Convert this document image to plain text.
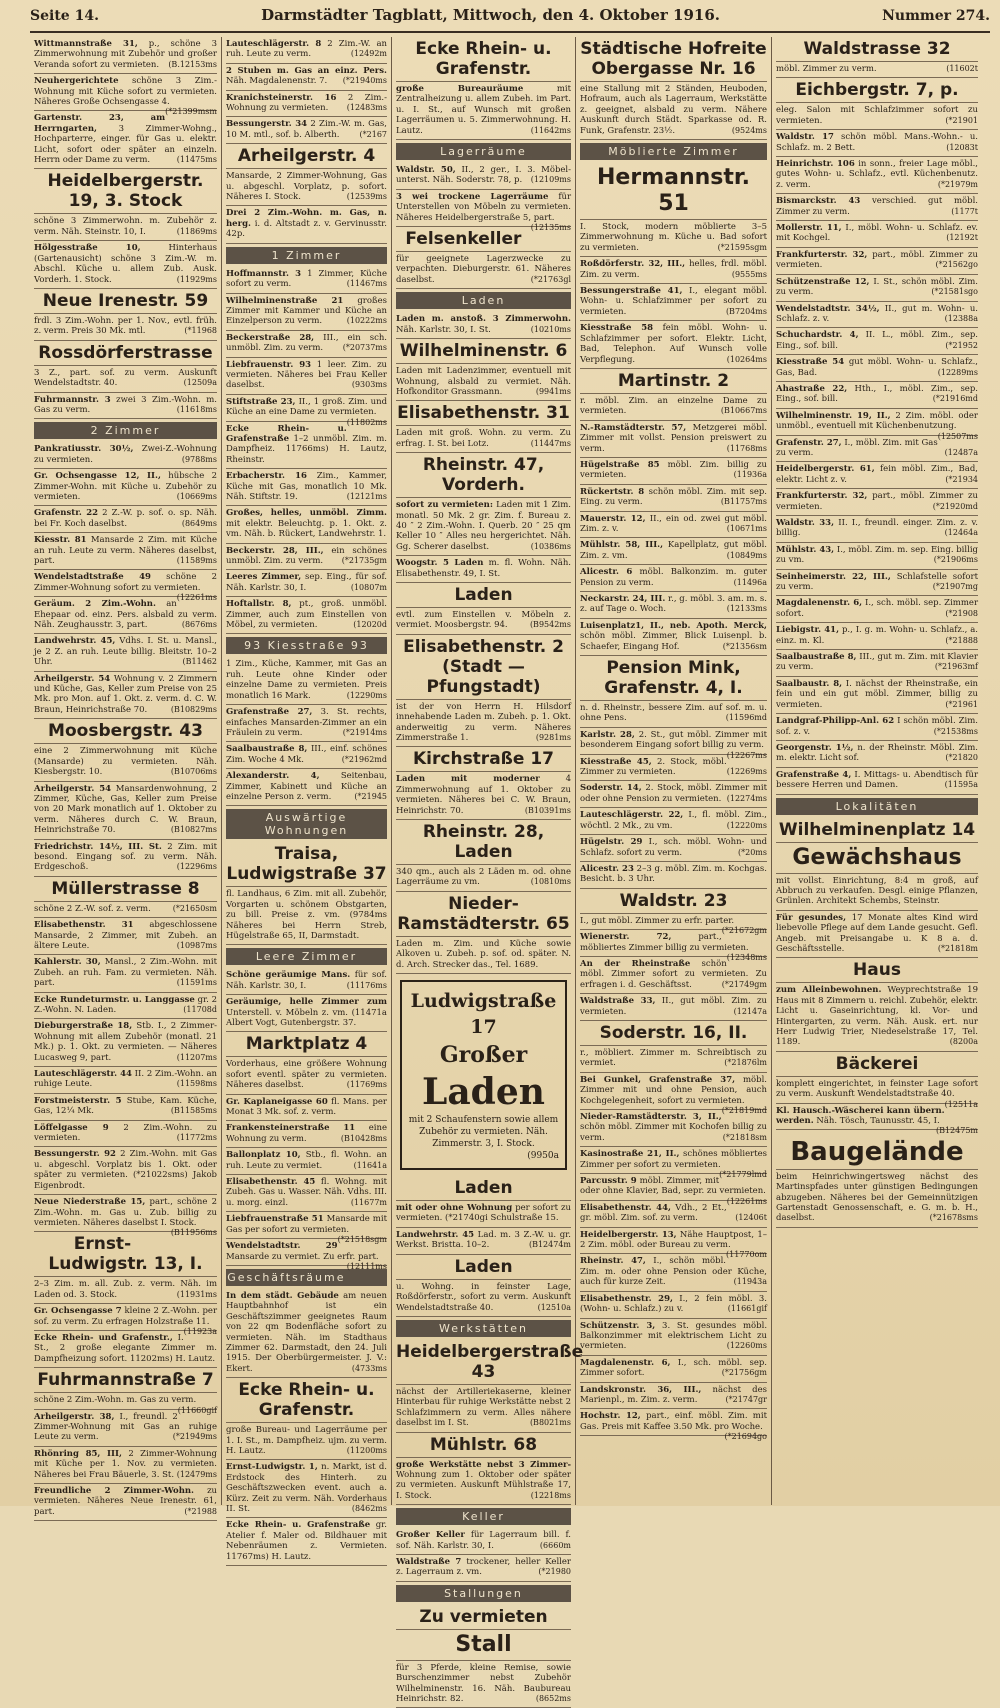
Seite 14.	Darmstädter Tagblatt, Mittwoch, den 4. Oktober 1916.	Nummer 274.
Wittmannstraße 31, p., schöne 3 Zimmerwohnung mit Zubehör und großer Veranda sofort zu vermieten. (B.12153ms
Neuhergerichtete schöne 3 Zim.-Wohnung mit Küche sofort zu vermieten. Näheres Große Ochsengasse 4.
(*21399msm
Gartenstr. 23, am Herrngarten,	3 Zimmer-Wohng., Hochparterre, einger. für Gas u. elektr. Licht, sofort oder später an einzeln. Herrn oder Dame zu verm.	(11475ms
Heidelbergerstr. 19, 3. Stock
schöne 3 Zimmerwohn. m. Zubehör z. verm. Näh. Steinstr. 10, I.	(11869ms
Hölgesstraße 10,	Hinterhaus (Gartenausicht) schöne 3 Zim.-W. m. Abschl. Küche u. allem Zub. Ausk. Vorderh. 1. Stock.	(11929ms
Neue Irenestr. 59
frdl. 3 Zim.-Wohn. per 1. Nov., evtl. früh. z. verm. Preis 30 Mk. mtl.	(*11968
Rossdörferstrasse
3 Z., part. sof. zu verm. Auskunft Wendelstadtstr. 40.	(12509a
Fuhrmannstr. 3 zwei 3 Zim.-Wohn. m. Gas zu verm.	(11618ms
2 Zimmer
Pankratiusstr. 30½, Zwei-Z.-Wohnung zu vermieten.	(9788ms
Gr. Ochsengasse 12, II., hübsche 2 Zimmer-Wohn. mit Küche u. Zubehör zu vermieten.	(10669ms
Grafenstr. 22 2 Z.-W. p. sof. o. sp. Näh. bei Fr. Koch daselbst.	(8649ms
Kiesstr. 81 Mansarde 2 Zim. mit Küche an ruh. Leute zu verm. Näheres daselbst, part.	(11589ms
Wendelstadtstraße 49 schöne 2 Zimmer-Wohnung sofort zu vermieten.
(12261ms
Geräum. 2 Zim.-Wohn. an Ehepaar od. einz. Pers. alsbald zu verm. Näh. Zeughausstr. 3, part.	(8676ms
Landwehrstr. 45, Vdhs. I. St. u. Mansl., je 2 Z. an ruh. Leute billig. Bleitstr. 10–2 Uhr.	(B11462
Arheilgerstr. 54 Wohnung v. 2 Zimmern und Küche, Gas, Keller zum Preise von 25 Mk. pro Mon. auf 1. Okt. z. verm. d. C. W. Braun, Heinrichstraße 70.	(B10829ms
Moosbergstr. 43
eine 2 Zimmerwohnung mit Küche (Mansarde) zu vermieten. Näh. Kiesbergstr. 10.	(B10706ms
Arheilgerstr. 54 Mansardenwohnung, 2 Zimmer, Küche, Gas, Keller zum Preise von 20 Mark monatlich auf 1. Oktober zu verm. Näheres durch C. W. Braun, Heinrichstraße 70.	(B10827ms
Friedrichstr. 14½, III. St. 2 Zim. mit besond. Eingang sof. zu verm. Näh. Erdgeschoß.	(12296ms
Müllerstrasse 8
schöne 2 Z.-W. sof. z. verm.	(*21650sm
Elisabethenstr. 31 abgeschlossene Mansarde, 2 Zimmer, mit Zubeh. an ältere Leute.	(10987ms
Kahlerstr. 30, Mansl., 2 Zim.-Wohn. mit Zubeh. an ruh. Fam. zu vermieten. Näh. part.	(11591ms
Ecke Rundeturmstr. u. Langgasse gr. 2 Z.-Wohn. N. Laden.	(11708d
Dieburgerstraße 18, Stb. I., 2 Zimmer-Wohnung mit allem Zubehör (monatl. 21 Mk.) p. 1. Okt. zu vermieten. — Näheres Lucasweg 9, part.	(11207ms
Lauteschlägerstr. 44 II. 2 Zim.-Wohn. an ruhige Leute.	(11598ms
Forstmeisterstr. 5 Stube, Kam. Küche, Gas, 12¼ Mk.	(B11585ms
Löffelgasse 9 2 Zim.-Wohn. zu vermieten.	(11772ms
Bessungerstr. 92 2 Zim.-Wohn. mit Gas u. abgeschl. Vorplatz bis 1. Okt. oder später zu vermieten. (*21022sms) Jakob Eigenbrodt.
Neue Niederstraße 15, part., schöne 2 Zim.-Wohn. m. Gas u. Zub. billig zu vermieten. Näheres daselbst I. Stock.
(B11956ms
Ernst-Ludwigstr. 13, I.
2–3 Zim. m. all. Zub. z. verm. Näh. im Laden od. 3. Stock.	(11931ms
Gr. Ochsengasse 7 kleine 2 Z.-Wohn. per sof. zu verm. Zu erfragen Holzstraße 11.
(11923a
Ecke Rhein- und Grafenstr., I. St., 2 große elegante Zimmer m. Dampfheizung sofort. 11202ms) H. Lautz.
Fuhrmannstraße 7
schöne 2 Zim.-Wohn. m. Gas zu verm.
(11660gif
Arheilgerstr. 38, I., freundl. 2 Zimmer-Wohnung mit Gas an ruhige Leute zu verm.	(*21949ms
Rhönring 85, III, 2 Zimmer-Wohnung mit Küche per 1. Nov. zu vermieten. Näheres bei Frau Bäuerle, 3. St. (12479ms
Freundliche 2 Zimmer-Wohn. zu vermieten. Näheres Neue Irenestr. 61, part.	(*21988
Lauteschlägerstr. 8 2 Zim.-W. an ruh. Leute zu verm.	(12492m
2 Stuben m. Gas an einz. Pers. Näh. Magdalenenstr. 7. (*21940ms
Kranichsteinerstr. 16 2 Zim.-Wohnung zu vermieten. (12483ms
Bessungerstr. 34 2 Zim.-W. m. Gas, 10 M. mtl., sof. b. Alberth.	(*2167
Arheilgerstr. 4
Mansarde, 2 Zimmer-Wohnung, Gas u. abgeschl. Vorplatz, p. sofort. Näheres I. Stock.	(12539ms
Drei 2 Zim.-Wohn. m. Gas, n. herg. i. d. Altstadt z. v. Gervinusstr. 42p.
1 Zimmer
Hoffmannstr. 3 1 Zimmer, Küche sofort zu verm.	(11467ms
Wilhelminenstraße 21 großes Zimmer mit Kammer und Küche an Einzelperson zu verm.	(10222ms
Beckerstraße 28, III., ein sch. unmöbl. Zim. zu verm. (*20737ms
Liebfrauenstr. 93 1 leer. Zim. zu vermieten. Näheres bei Frau Keller daselbst.	(9303ms
Stiftstraße 23, II., 1 groß. Zim. und Küche an eine Dame zu vermieten.
(11802ms
Ecke Rhein- u. Grafenstraße 1–2 unmöbl. Zim. m. Dampfheiz. 11766ms) H. Lautz, Rheinstr.
Erbacherstr. 16 Zim., Kammer, Küche mit Gas, monatlich 10 Mk. Näh. Stiftstr. 19.	(12121ms
Großes, helles, unmöbl. Zimm. mit elektr. Beleuchtg. p. 1. Okt. z. vm. Näh. b. Rückert, Landwehrstr. 1.
Beckerstr. 28, III., ein schönes unmöbl. Zim. zu verm. (*21735gm
Leeres Zimmer, sep. Eing., für sof. Näh. Karlstr. 30, I.	(10807m
Hoftallstr. 8, pt., groß. unmöbl. Zimmer, auch zum Einstellen von Möbel, zu vermieten.	(12020d
93 Kiesstraße 93
1 Zim., Küche, Kammer, mit Gas an ruh. Leute ohne Kinder oder einzelne Dame zu vermieten. Preis monatlich 16 Mark.	(12290ms
Grafenstraße 27, 3. St. rechts, einfaches Mansarden-Zimmer an ein Fräulein zu verm.	(*21914ms
Saalbaustraße 8, III., einf. schönes Zim. Woche 4 Mk.	(*21962md
Alexanderstr. 4,	Seitenbau, Zimmer, Kabinett und Küche an einzelne Person z. verm.	(*21945
Auswärtige Wohnungen
Traisa, Ludwigstraße 37
fl. Landhaus, 6 Zim. mit all. Zubehör, Vorgarten u. schönem Obstgarten, zu bill. Preise z. vm. (9784ms Näheres bei Herrn Streb, Hügelstraße 65, II, Darmstadt.
Leere Zimmer
Schöne geräumige Mans. für sof. Näh. Karlstr. 30, I.	(11176ms
Geräumige, helle Zimmer zum Unterstell. v. Möbeln z. vm. (11471a Albert Vogt, Gutenbergstr. 37.
Marktplatz 4
Vorderhaus, eine größere Wohnung sofort eventl. später zu vermieten. Näheres daselbst.	(11769ms
Gr. Kaplaneigasse 60 fl. Mans. per Monat 3 Mk. sof. z. verm.
Frankensteinerstraße 11 eine Wohnung zu verm.	(B10428ms
Ballonplatz 10, Stb., fl. Wohn. an ruh. Leute zu vermiet.	(11641a
Elisabethenstr. 45 fl. Wohng. mit Zubeh. Gas u. Wasser. Näh. Vdhs. III. u. morg. einzl.	(11677m
Liebfrauenstraße 51 Mansarde mit Gas per sofort zu vermieten.
(*21518sgm
Wendelstadtstr. 29 Mansarde zu vermiet. Zu erfr. part.
(12111ms
Geschäftsräume
In dem städt. Gebäude am neuen Hauptbahnhof ist ein Geschäftszimmer geeignetes Raum von 22 qm Bodenfläche sofort zu vermieten. Näh. im Stadthaus Zimmer 62. Darmstadt, den 24. Juli 1915. Der Oberbürgermeister. J. V.: Ekert.	(4733ms
Ecke Rhein- u. Grafenstr.
große Bureau- und Lagerräume per 1. I. St., m. Dampfheiz. ujm. zu verm. H. Lautz.	(11200ms
Ernst-Ludwigstr. 1, n. Markt, ist d. Erdstock des Hinterh. zu Geschäftszwecken event. auch a. Kürz. Zeit zu verm. Näh. Vorderhaus II. St.	(8462ms
Ecke Rhein- u. Grafenstraße gr. Atelier f. Maler od. Bildhauer mit Nebenräumen z. Vermieten. 11767ms) H. Lautz.
Ecke Rhein- u. Grafenstr.
große Bureauräume	mit Zentralheizung u. allem Zubeh. im Part. u. I. St., auf Wunsch mit großen Lagerräumen u. 5. Zimmerwohnung. H. Lautz.	(11642ms
Lagerräume
Waldstr. 50, II., 2 ger., I. 3. Möbel-unterst. Näh. Soderstr. 78, p. (12109ms
3 wei trockene Lagerräume für Unterstellen von Möbeln zu vermieten. Näheres Heidelbergerstraße 5, part.
(12135ms
Felsenkeller
für geeignete Lagerzwecke zu verpachten. Dieburgerstr. 61. Näheres daselbst.	(*21763gl
Laden
Laden m. anstoß. 3 Zimmerwohn. Näh. Karlstr. 30, I. St.	(10210ms
Wilhelminenstr. 6
Laden mit Ladenzimmer, eventuell mit Wohnung, alsbald zu vermiet. Näh. Hofkonditor Grassmann.	(9941ms
Elisabethenstr. 31
Laden mit groß. Wohn. zu verm. Zu erfrag. I. St. bei Lotz.	(11447ms
Rheinstr. 47, Vorderh.
sofort zu vermieten: Laden mit 1 Zim. monatl. 50 Mk. 2 gr. Zim. f. Bureau z. 40 ″ 2 Zim.-Wohn. I. Querb. 20 ″ 25 qm Keller 10 ″ Alles neu hergerichtet. Näh. Gg. Scherer daselbst.	(10386ms
Woogstr. 5 Laden m. fl. Wohn. Näh. Elisabethenstr. 49, I. St.
Laden
evtl. zum Einstellen v. Möbeln z. vermiet. Moosbergstr. 94.	(B9542ms
Elisabethenstr. 2 (Stadt — Pfungstadt)
ist der von Herrn H. Hilsdorf innehabende Laden m. Zubeh. p. 1. Okt. anderweitig zu verm. Näheres Zimmerstraße 1.	(9281ms
Kirchstraße 17
Laden mit moderner	4 Zimmerwohnung auf 1. Oktober zu vermieten. Näheres bei C. W. Braun, Heinrichstr. 70.	(B10391ms
Rheinstr. 28, Laden
340 qm., auch als 2 Läden m. od. ohne Lagerräume zu vm.	(10810ms
Nieder-Ramstädterstr. 65
Laden m. Zim. und Küche sowie Alkoven u. Zubeh. p. sof. od. später. N. d. Arch. Strecker das., Tel. 1689.
Ludwigstraße 17
Großer
Laden
mit 2 Schaufenstern sowie allem Zubehör zu vermieten. Näh. Zimmerstr. 3, I. Stock.
(9950a
Laden
mit oder ohne Wohnung per sofort zu vermieten. (*21740gi Schulstraße 15.
Landwehrstr. 45 Lad. m. 3 Z.-W. u. gr. Werkst. Bristta. 10–2.	(B12474m
Laden
u. Wohng. in feinster Lage, Roßdörferstr., sofort zu verm. Auskunft Wendelstadtstraße 40.	(12510a
Werkstätten
Heidelbergerstraße 43
nächst der Artilleriekaserne, kleiner Hinterbau für ruhige Werkstätte nebst 2 Schlafzimmern zu verm. Alles nähere daselbst im I. St.	(B8021ms
Mühlstr. 68
große Werkstätte nebst 3 Zimmer- Wohnung zum 1. Oktober oder später zu vermieten. Auskunft Mühlstraße 17, I. Stock.	(12218ms
Keller
Großer Keller für Lagerraum bill. f. sof. Näh. Karlstr. 30, I.	(6660m
Waldstraße 7 trockener, heller Keller z. Lagerraum z. vm.	(*21980
Stallungen
Zu vermieten
Stall
für 3 Pferde, kleine Remise, sowie Burschenzimmer nebst Zubehör Wilhelminenstr. 16. Näh. Baubureau Heinrichstr. 82.	(8652ms
Städtische Hofreite Obergasse Nr. 16
eine Stallung mit 2 Ständen, Heuboden, Hofraum, auch als Lagerraum, Werkstätte z. geeignet, alsbald zu verm. Nähere Auskunft durch Städt. Sparkasse od. R. Funk, Grafenstr. 23½.	(9524ms
Möblierte Zimmer
Hermannstr. 51
I. Stock, modern möblierte 3–5 Zimmerwohnung m. Küche u. Bad sofort zu vermieten.	(*21595sgm
Roßdörferstr. 32, III., helles, frdl. möbl. Zim. zu verm.	(9555ms
Bessungerstraße 41, I., elegant möbl. Wohn- u. Schlafzimmer per sofort zu vermieten.	(B7204ms
Kiesstraße 58 fein möbl. Wohn- u. Schlafzimmer per sofort. Elektr. Licht, Bad, Telephon. Auf Wunsch volle Verpflegung.	(10264ms
Martinstr. 2
r. möbl. Zim. an einzelne Dame zu vermieten.	(B10667ms
N.-Ramstädterstr. 57, Metzgerei möbl. Zimmer mit vollst. Pension preiswert zu verm.	(11768ms
Hügelstraße 85 möbl. Zim. billig zu vermieten.	(11936a
Rückertstr. 8 schön möbl. Zim. mit sep. Eing. zu verm.	(B11757ms
Mauerstr. 12, II., ein od. zwei gut möbl. Zim. z. v.	(10671ms
Mühlstr. 58, III., Kapellplatz, gut möbl. Zim. z. vm.	(10849ms
Alicestr. 6 möbl. Balkonzim. m. guter Pension zu verm.	(11496a
Neckarstr. 24, III. r., g. möbl. 3. am. m. s. z. auf Tage o. Woch.	(12133ms
Luisenplatz1, II., neb. Apoth. Merck, schön möbl. Zimmer, Blick Luisenpl. b. Schaefer, Eingang Hof.	(*21356sm
Pension Mink, Grafenstr. 4, I.
n. d. Rheinstr., bessere Zim. auf sof. m. u. ohne Pens.	(11596md
Karlstr. 28, 2. St., gut möbl. Zimmer mit besonderem Eingang sofort billig zu verm.
(12267ms
Kiesstraße 45, 2. Stock, möbl. Zimmer zu vermieten.	(12269ms
Soderstr. 14, 2. Stock, möbl. Zimmer mit oder ohne Pension zu vermieten. (12274ms
Lauteschlägerstr. 22, I., fl. möbl. Zim., wöchtl. 2 Mk., zu vm.	(12220ms
Hügelstr. 29 I., sch. möbl. Wohn- und Schlafz. sofort zu verm.	(*20ms
Alicestr. 23 2–3 g. möbl. Zim. m. Kochgas. Besicht. b. 3 Uhr.
Waldstr. 23
I., gut möbl. Zimmer zu erfr. parter.
(*21672gm
Wienerstr. 72,	part., möbliertes Zimmer billig zu vermieten.
(12348ms
An der Rheinstraße schön möbl. Zimmer sofort zu vermieten. Zu erfragen i. d. Geschäftsst.	(*21749gm
Waldstraße 33, II., gut möbl. Zim. zu vermieten.	(12147a
Soderstr. 16, II.
r., möbliert. Zimmer m. Schreibtisch zu vermiet.	(*21876lm
Bei Gunkel, Grafenstraße 37, möbl. Zimmer mit und ohne Pension, auch Kochgelegenheit, sofort zu vermieten.
(*21819md
Nieder-Ramstädterstr. 3, II., schön möbl. Zimmer mit Kochofen billig zu verm.	(*21818sm
Kasinostraße 21, II., schönes möbliertes Zimmer per sofort zu vermieten.
(*21779lmd
Parcusstr. 9 möbl. Zimmer, mit oder ohne Klavier, Bad, sepr. zu vermieten.
(12261ms
Elisabethenstr. 44, Vdh., 2 Et., gr. möbl. Zim. sof. zu verm.	(12406t
Heidelbergerstr. 13, Nähe Hauptpost, 1–2 Zim. möbl. oder Bureau zu verm.
(11770om
Rheinstr. 47, I., schön möbl. Zim. m. oder ohne Pension oder Küche, auch für kurze Zeit.	(11943a
Elisabethenstr. 29, I., 2 fein möbl. 3. (Wohn- u. Schlafz.) zu v.	(11661gif
Schützenstr. 3, 3. St. gesundes möbl. Balkonzimmer mit elektrischem Licht zu vermieten.	(12260ms
Magdalenenstr. 6, I., sch. möbl. sep. Zimmer sofort.	(*21756gm
Landskronstr. 36, III., nächst des Marienpl., m. Zim. z. verm.	(*21747gr
Hochstr. 12, part., einf. möbl. Zim. mit Gas. Preis mit Kaffee 3.50 Mk. pro Woche.
(*21694go
Waldstrasse 32
möbl. Zimmer zu verm.	(11602t
Eichbergstr. 7, p.
eleg. Salon mit Schlafzimmer sofort zu vermieten.	(*21901
Waldstr. 17 schön möbl. Mans.-Wohn.- u. Schlafz. m. 2 Bett.	(12083t
Heinrichstr. 106 in sonn., freier Lage möbl., gutes Wohn- u. Schlafz., evtl. Küchenbenutz. z. verm.	(*21979m
Bismarckstr. 43 verschied. gut möbl. Zimmer zu verm.	(1177t
Mollerstr. 11, I., möbl. Wohn- u. Schlafz. ev. mit Kochgel.	(12192t
Frankfurterstr. 32, part., möbl. Zimmer zu vermieten.	(*21562go
Schützenstraße 12, I. St., schön möbl. Zim. zu verm.	(*21581sgo
Wendelstadtstr. 34½, II., gut m. Wohn- u. Schlafz. z. v.	(12388a
Schuchardstr. 4, II. L., möbl. Zim., sep. Eing., sof. bill.	(*21952
Kiesstraße 54 gut möbl. Wohn- u. Schlafz., Gas, Bad.	(12289ms
Ahastraße 22, Hth., I., möbl. Zim., sep. Eing., sof. bill.	(*21916md
Wilhelminenstr. 19, II., 2 Zim. möbl. oder unmöbl., eventuell mit Küchenbenutzung.
(12507ms
Grafenstr. 27, I., möbl. Zim. mit Gas zu verm.	(12487a
Heidelbergerstr. 61, fein möbl. Zim., Bad, elektr. Licht z. v.	(*21934
Frankfurterstr. 32, part., möbl. Zimmer zu vermieten.	(*21920md
Waldstr. 33, II. I., freundl. einger. Zim. z. v. billig.	(12464a
Mühlstr. 43, I., möbl. Zim. m. sep. Eing. billig zu vm.	(*21906ms
Seinheimerstr. 22, III., Schlafstelle sofort zu verm.	(*21907mg
Magdalenenstr. 6, I., sch. möbl. sep. Zimmer sofort.	(*21908
Liebigstr. 41, p., I. g. m. Wohn- u. Schlafz., a. einz. m. Kl.	(*21888
Saalbaustraße 8, III., gut m. Zim. mit Klavier zu verm.	(*21963mf
Saalbaustr. 8, I. nächst der Rheinstraße, ein fein und ein gut möbl. Zimmer, billig zu vermieten.	(*21961
Landgraf-Philipp-Anl. 62 I schön möbl. Zim. sof. z. v.	(*21538ms
Georgenstr. 1½, n. der Rheinstr. Möbl. Zim. m. elektr. Licht sof.	(*21820
Grafenstraße 4, I. Mittags- u. Abendtisch für bessere Herren und Damen.	(11595a
Lokalitäten
Wilhelminenplatz 14
Gewächshaus
mit vollst. Einrichtung, 8:4 m groß, auf Abbruch zu verkaufen. Desgl. einige Pflanzen, Grünlen. Architekt Schembs, Steinstr.
Für gesundes, 17 Monate altes Kind wird liebevolle Pflege auf dem Lande gesucht. Gefl. Angeb. mit Preisangabe u. K 8 a. d. Geschäftsstelle.	(*21818m
Haus
zum Alleinbewohnen. Weyprechtstraße 19 Haus mit 8 Zimmern u. reichl. Zubehör, elektr. Licht u. Gaseinrichtung, kl. Vor- und Hintergarten, zu verm. Näh. Ausk. ert. nur Herr Ludwig Trier, Niedeselstraße 17, Tel. 1189.	(8200a
Bäckerei
komplett eingerichtet, in feinster Lage sofort zu verm. Auskunft Wendelstadtstraße 40.
(12511a
Kl. Hausch.-Wäscherei kann übern. werden. Näh. Tösch, Taunusstr. 45, I.
(B12475m
Baugelände
beim Heinrichwingertsweg nächst des Martinspfades unter günstigen Bedingungen abzugeben. Näheres bei der Gemeinnützigen Gartenstadt Genossenschaft, e. G. m. b. H., daselbst.	(*21678sms
